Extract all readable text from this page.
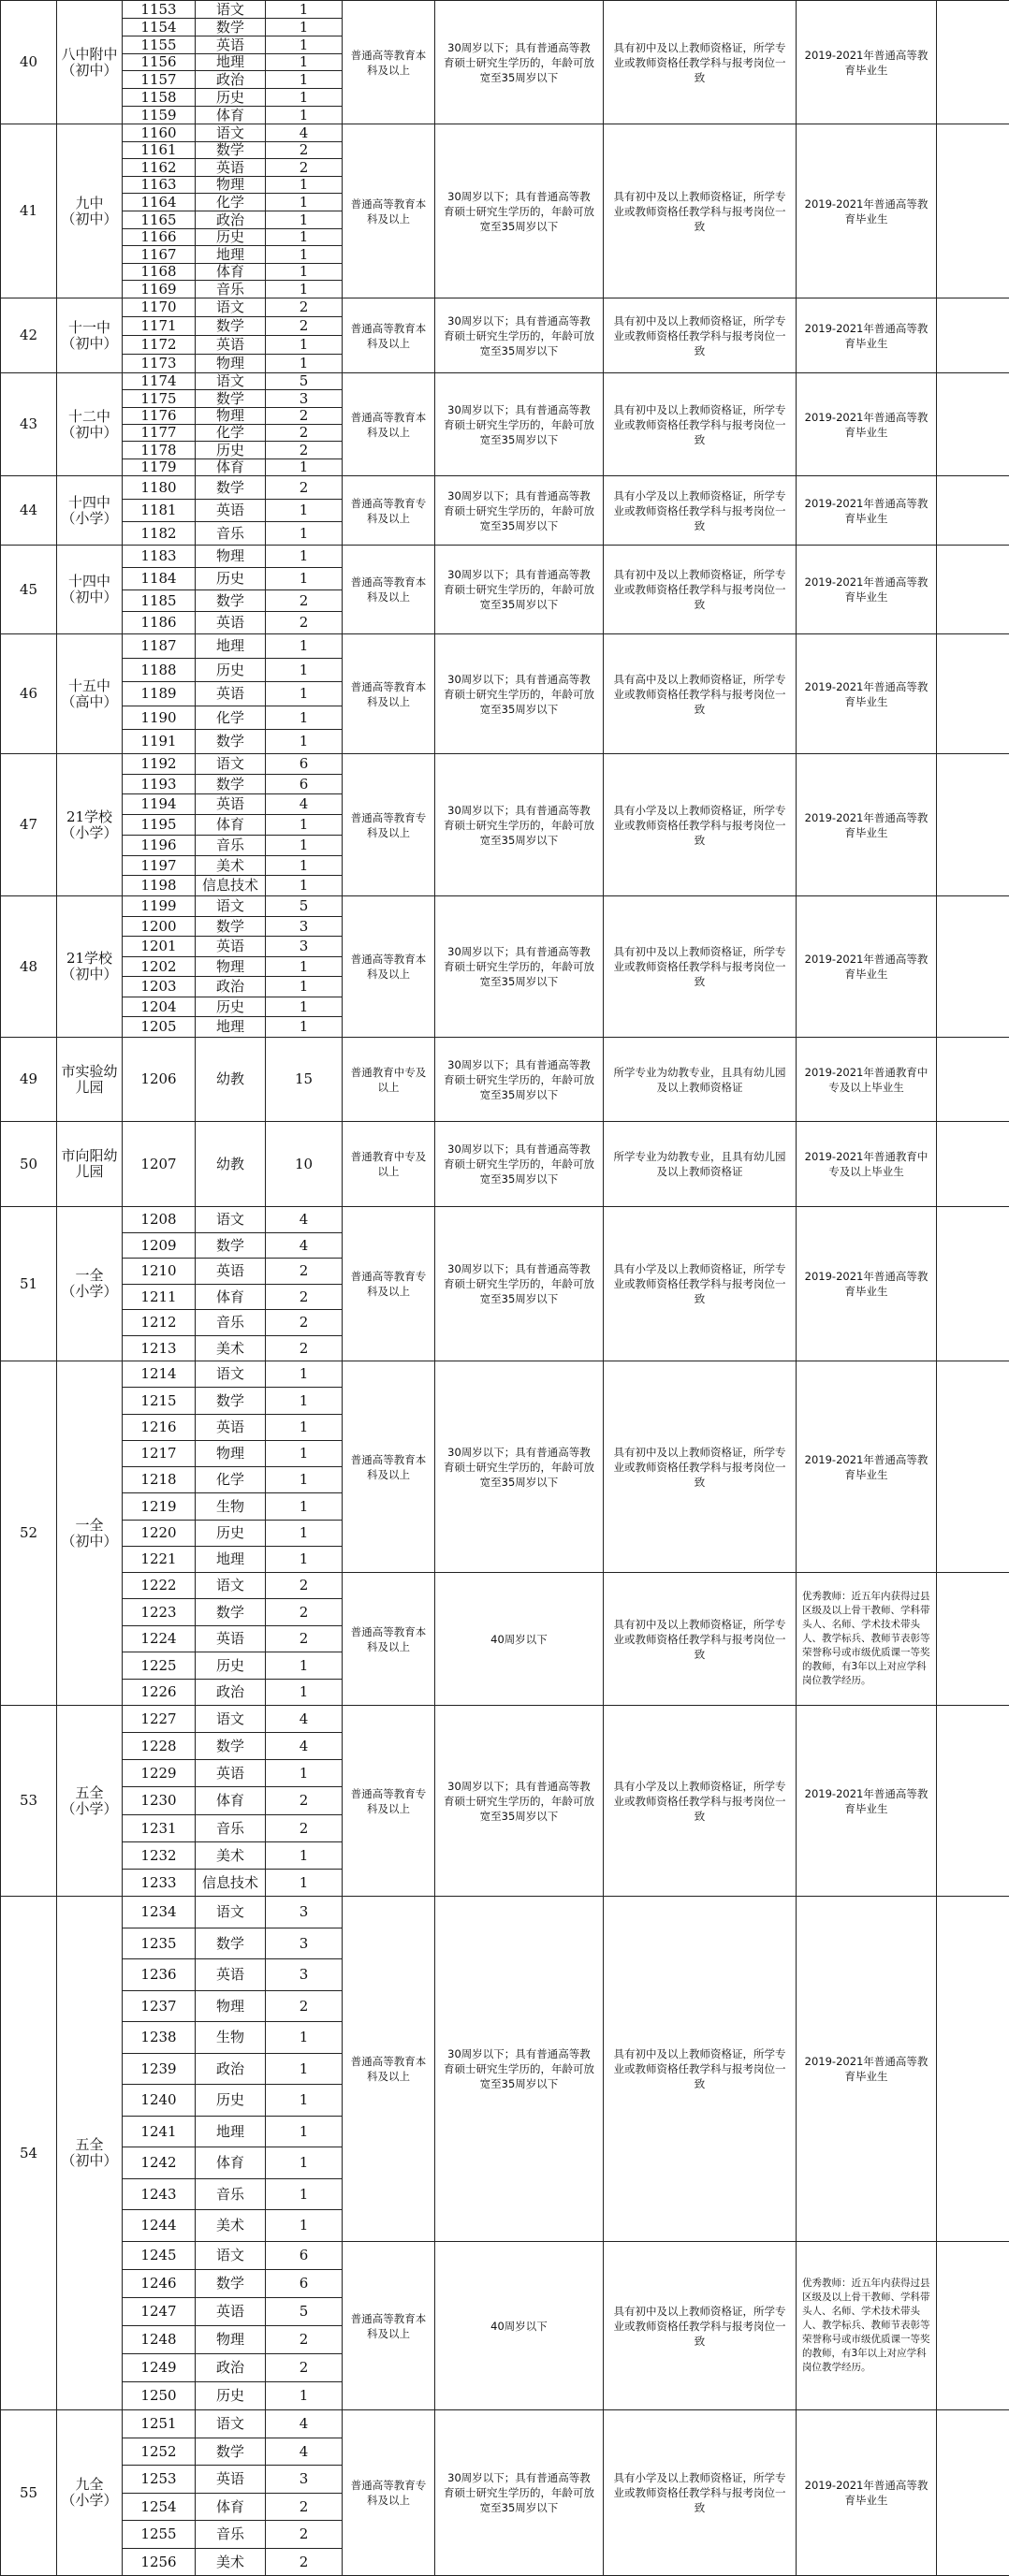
40	八中附中
（初中）
1153	语文	1
1154	数学	1
1155	英语	1
1156	地理	1
1157	政治	1
1158	历史	1
1159	体育	1
普通高等教育本科及以上
30周岁以下；具有普通高等教育硕士研究生学历的，年龄可放宽至35周岁以下
具有初中及以上教师资格证，所学专业或教师资格任教学科与报考岗位一致
2019-2021年普通高等教育毕业生
41	九中
（初中）
1160	语文	4
1161	数学	2
1162	英语	2
1163	物理	1
1164	化学	1
1165	政治	1
1166	历史	1
1167	地理	1
1168	体育	1
1169	音乐	1
普通高等教育本科及以上
30周岁以下；具有普通高等教育硕士研究生学历的，年龄可放宽至35周岁以下
具有初中及以上教师资格证，所学专业或教师资格任教学科与报考岗位一致
2019-2021年普通高等教育毕业生
42	十一中
（初中）
1170	语文	2
1171	数学	2
1172	英语	1
1173	物理	1
普通高等教育本科及以上
30周岁以下；具有普通高等教育硕士研究生学历的，年龄可放宽至35周岁以下
具有初中及以上教师资格证，所学专业或教师资格任教学科与报考岗位一致
2019-2021年普通高等教育毕业生
43	十二中
（初中）
1174	语文	5
1175	数学	3
1176	物理	2
1177	化学	2
1178	历史	2
1179	体育	1
普通高等教育本科及以上
30周岁以下；具有普通高等教育硕士研究生学历的，年龄可放宽至35周岁以下
具有初中及以上教师资格证，所学专业或教师资格任教学科与报考岗位一致
2019-2021年普通高等教育毕业生
44	十四中
（小学）
1180	数学	2
1181	英语	1
1182	音乐	1
普通高等教育专科及以上
30周岁以下；具有普通高等教育硕士研究生学历的，年龄可放宽至35周岁以下
具有小学及以上教师资格证，所学专业或教师资格任教学科与报考岗位一致
2019-2021年普通高等教育毕业生
45	十四中
（初中）
1183	物理	1
1184	历史	1
1185	数学	2
1186	英语	2
普通高等教育本科及以上
30周岁以下；具有普通高等教育硕士研究生学历的，年龄可放宽至35周岁以下
具有初中及以上教师资格证，所学专业或教师资格任教学科与报考岗位一致
2019-2021年普通高等教育毕业生
46	十五中
（高中）
1187	地理	1
1188	历史	1
1189	英语	1
1190	化学	1
1191	数学	1
普通高等教育本科及以上
30周岁以下；具有普通高等教育硕士研究生学历的，年龄可放宽至35周岁以下
具有高中及以上教师资格证，所学专业或教师资格任教学科与报考岗位一致
2019-2021年普通高等教育毕业生
47	21学校
（小学）
1192	语文	6
1193	数学	6
1194	英语	4
1195	体育	1
1196	音乐	1
1197	美术	1
1198	信息技术	1
普通高等教育专科及以上
30周岁以下；具有普通高等教育硕士研究生学历的，年龄可放宽至35周岁以下
具有小学及以上教师资格证，所学专业或教师资格任教学科与报考岗位一致
2019-2021年普通高等教育毕业生
48	21学校
（初中）
1199	语文	5
1200	数学	3
1201	英语	3
1202	物理	1
1203	政治	1
1204	历史	1
1205	地理	1
普通高等教育本科及以上
30周岁以下；具有普通高等教育硕士研究生学历的，年龄可放宽至35周岁以下
具有初中及以上教师资格证，所学专业或教师资格任教学科与报考岗位一致
2019-2021年普通高等教育毕业生
49	市实验幼
儿园	1206	幼教	15	普通教育中专及以上
30周岁以下；具有普通高等教育硕士研究生学历的，年龄可放宽至35周岁以下
所学专业为幼教专业，且具有幼儿园及以上教师资格证
2019-2021年普通教育中专及以上毕业生
50	市向阳幼
儿园	1207	幼教	10	普通教育中专及以上
30周岁以下；具有普通高等教育硕士研究生学历的，年龄可放宽至35周岁以下
所学专业为幼教专业，且具有幼儿园及以上教师资格证
2019-2021年普通教育中专及以上毕业生
51	一全
（小学）
1208	语文	4
1209	数学	4
1210	英语	2
1211	体育	2
1212	音乐	2
1213	美术	2
普通高等教育专科及以上
30周岁以下；具有普通高等教育硕士研究生学历的，年龄可放宽至35周岁以下
具有小学及以上教师资格证，所学专业或教师资格任教学科与报考岗位一致
2019-2021年普通高等教育毕业生
52	一全
（初中）
1214	语文	1
1215	数学	1
1216	英语	1
1217	物理	1
1218	化学	1
1219	生物	1
1220	历史	1
1221	地理	1
普通高等教育本科及以上
30周岁以下；具有普通高等教育硕士研究生学历的，年龄可放宽至35周岁以下
具有初中及以上教师资格证，所学专业或教师资格任教学科与报考岗位一致
2019-2021年普通高等教育毕业生
1222	语文	2
1223	数学	2
1224	英语	2
1225	历史	1
1226	政治	1
普通高等教育本科及以上
40周岁以下
具有初中及以上教师资格证，所学专业或教师资格任教学科与报考岗位一致
优秀教师：近五年内获得过县区级及以上骨干教师、学科带头人、名师、学术技术带头人、教学标兵、教师节表彰等荣誉称号或市级优质课一等奖的教师，有3年以上对应学科岗位教学经历。
53	五全
（小学）
1227	语文	4
1228	数学	4
1229	英语	1
1230	体育	2
1231	音乐	2
1232	美术	1
1233	信息技术	1
普通高等教育专科及以上
30周岁以下；具有普通高等教育硕士研究生学历的，年龄可放宽至35周岁以下
具有小学及以上教师资格证，所学专业或教师资格任教学科与报考岗位一致
2019-2021年普通高等教育毕业生
54	五全
（初中）
1234	语文	3
1235	数学	3
1236	英语	3
1237	物理	2
1238	生物	1
1239	政治	1
1240	历史	1
1241	地理	1
1242	体育	1
1243	音乐	1
1244	美术	1
普通高等教育本科及以上
30周岁以下；具有普通高等教育硕士研究生学历的，年龄可放宽至35周岁以下
具有初中及以上教师资格证，所学专业或教师资格任教学科与报考岗位一致
2019-2021年普通高等教育毕业生
1245	语文	6
1246	数学	6
1247	英语	5
1248	物理	2
1249	政治	2
1250	历史	1
普通高等教育本科及以上
40周岁以下
具有初中及以上教师资格证，所学专业或教师资格任教学科与报考岗位一致
优秀教师：近五年内获得过县区级及以上骨干教师、学科带头人、名师、学术技术带头人、教学标兵、教师节表彰等荣誉称号或市级优质课一等奖的教师，有3年以上对应学科岗位教学经历。
55	九全
（小学）
1251	语文	4
1252	数学	4
1253	英语	3
1254	体育	2
1255	音乐	2
1256	美术	2
普通高等教育专科及以上
30周岁以下；具有普通高等教育硕士研究生学历的，年龄可放宽至35周岁以下
具有小学及以上教师资格证，所学专业或教师资格任教学科与报考岗位一致
2019-2021年普通高等教育毕业生
